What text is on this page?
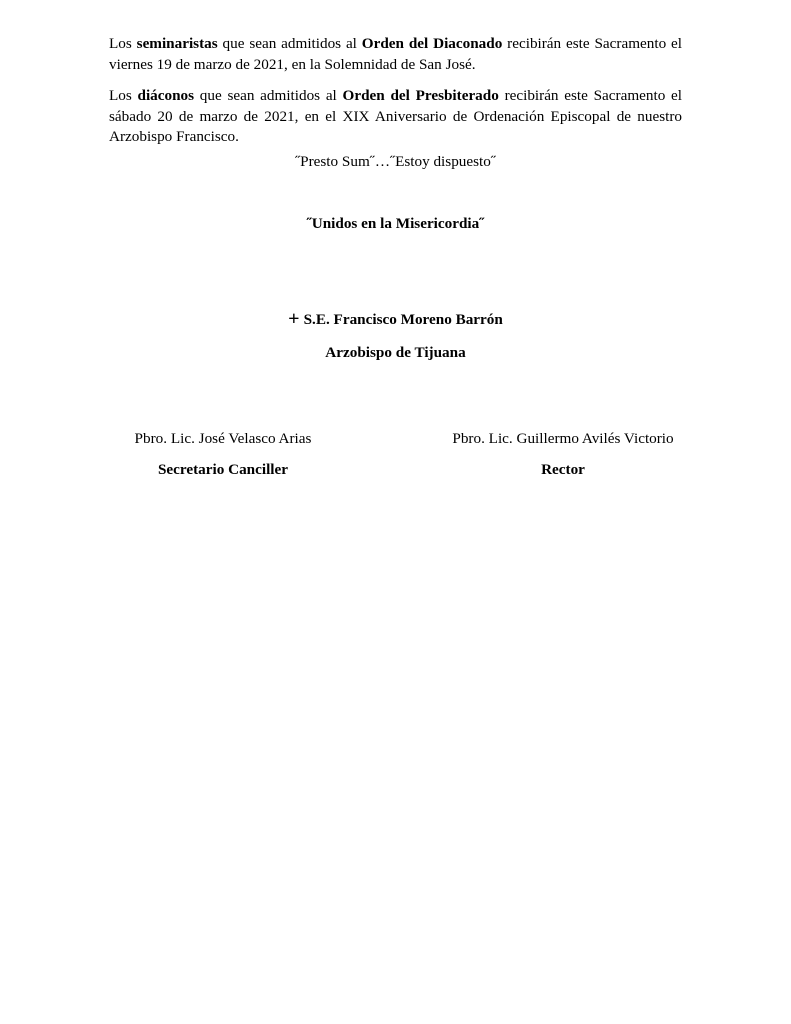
Los seminaristas que sean admitidos al Orden del Diaconado recibirán este Sacramento el viernes 19 de marzo de 2021, en la Solemnidad de San José.

Los diáconos que sean admitidos al Orden del Presbiterado recibirán este Sacramento el sábado 20 de marzo de 2021, en el XIX Aniversario de Ordenación Episcopal de nuestro Arzobispo Francisco.

˝Presto Sum˝…˝Estoy dispuesto˝

˝Unidos en la Misericordia˝

+ S.E. Francisco Moreno Barrón

Arzobispo de Tijuana

Pbro. Lic. José Velasco Arias

Secretario Canciller

Pbro. Lic. Guillermo Avilés Victorio

Rector
